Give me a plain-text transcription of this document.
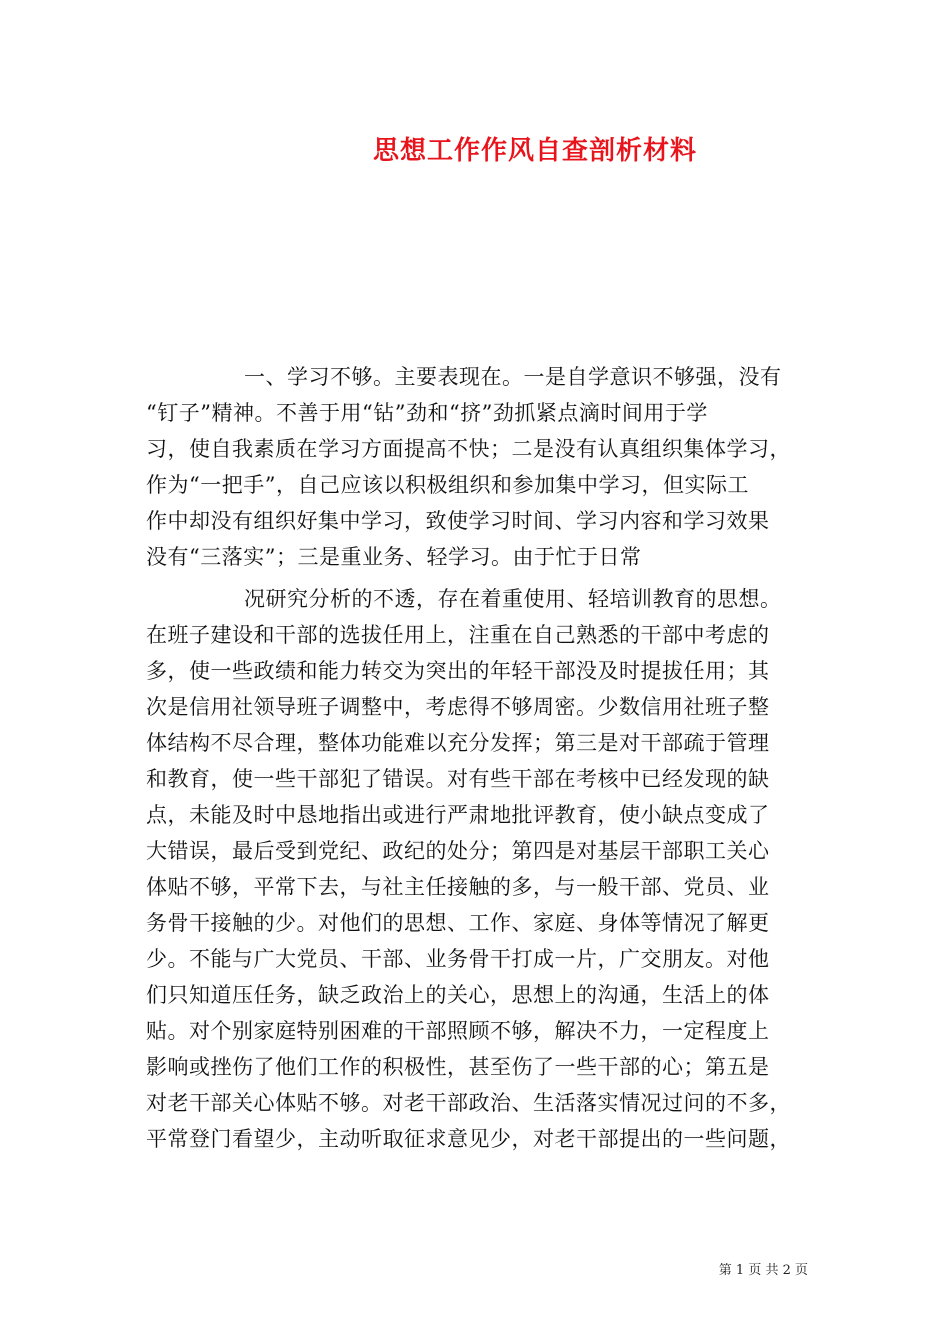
思想工作作风自查剖析材料
一、学习不够。主要表现在。一是自学意识不够强，没有
“钉子”精神。不善于用“钻”劲和“挤”劲抓紧点滴时间用于学
习，使自我素质在学习方面提高不快；二是没有认真组织集体学习，
作为“一把手”，自己应该以积极组织和参加集中学习，但实际工
作中却没有组织好集中学习，致使学习时间、学习内容和学习效果
没有“三落实”；三是重业务、轻学习。由于忙于日常
况研究分析的不透，存在着重使用、轻培训教育的思想。
在班子建设和干部的选拔任用上，注重在自己熟悉的干部中考虑的
多，使一些政绩和能力转交为突出的年轻干部没及时提拔任用；其
次是信用社领导班子调整中，考虑得不够周密。少数信用社班子整
体结构不尽合理，整体功能难以充分发挥；第三是对干部疏于管理
和教育，使一些干部犯了错误。对有些干部在考核中已经发现的缺
点，未能及时中恳地指出或进行严肃地批评教育，使小缺点变成了
大错误，最后受到党纪、政纪的处分；第四是对基层干部职工关心
体贴不够，平常下去，与社主任接触的多，与一般干部、党员、业
务骨干接触的少。对他们的思想、工作、家庭、身体等情况了解更
少。不能与广大党员、干部、业务骨干打成一片，广交朋友。对他
们只知道压任务，缺乏政治上的关心，思想上的沟通，生活上的体
贴。对个别家庭特别困难的干部照顾不够，解决不力，一定程度上
影响或挫伤了他们工作的积极性，甚至伤了一些干部的心；第五是
对老干部关心体贴不够。对老干部政治、生活落实情况过问的不多，
平常登门看望少，主动听取征求意见少，对老干部提出的一些问题，
第 1 页 共 2 页
